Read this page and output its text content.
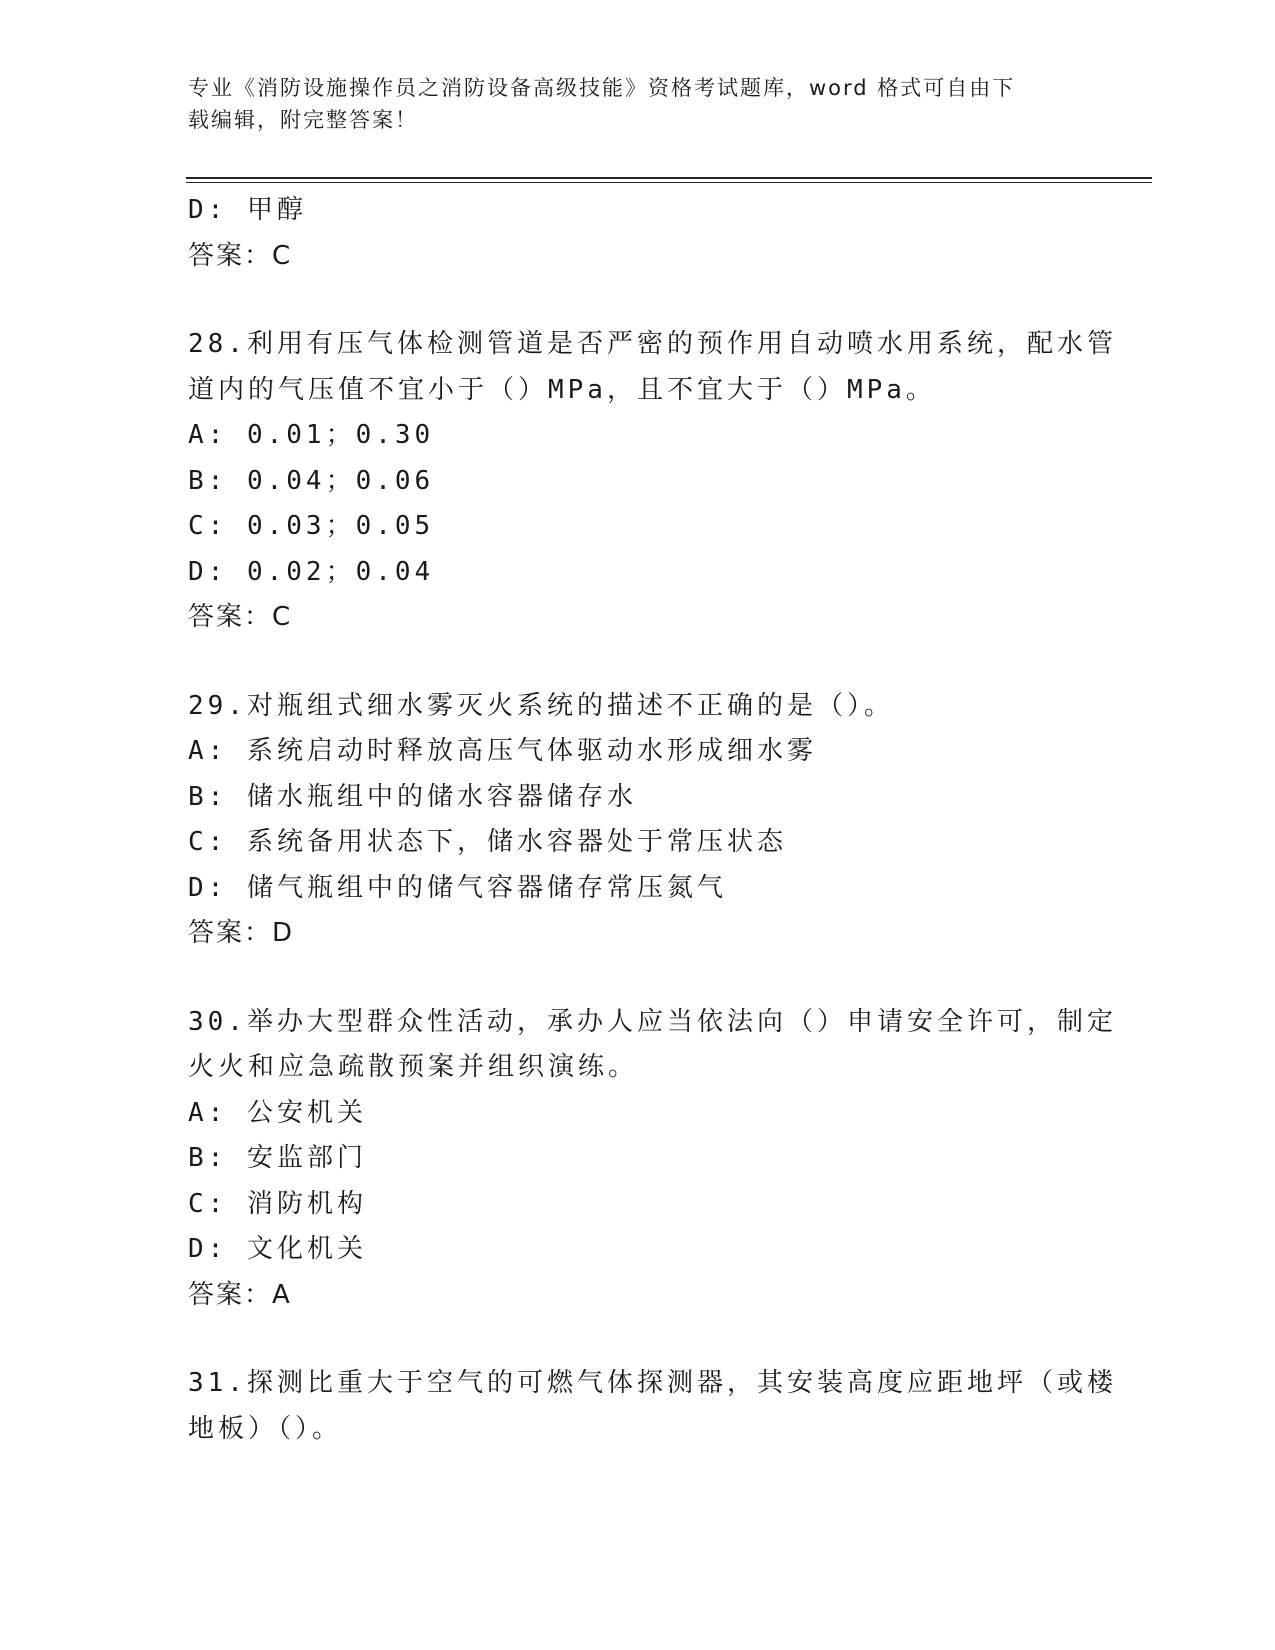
专业《消防设施操作员之消防设备高级技能》资格考试题库，word 格式可自由下
载编辑，附完整答案！
D: 甲醇
答案：C
28.利用有压气体检测管道是否严密的预作用自动喷水用系统，配水管
道内的气压值不宜小于（）MPa，且不宜大于（）MPa。
A: 0.01；0.30
B: 0.04；0.06
C: 0.03；0.05
D: 0.02；0.04
答案：C
29.对瓶组式细水雾灭火系统的描述不正确的是（）。
A: 系统启动时释放高压气体驱动水形成细水雾
B: 储水瓶组中的储水容器储存水
C: 系统备用状态下，储水容器处于常压状态
D: 储气瓶组中的储气容器储存常压氮气
答案：D
30.举办大型群众性活动，承办人应当依法向（）申请安全许可，制定
火火和应急疏散预案并组织演练。
A: 公安机关
B: 安监部门
C: 消防机构
D: 文化机关
答案：A
31.探测比重大于空气的可燃气体探测器，其安装高度应距地坪（或楼
地板）（）。
